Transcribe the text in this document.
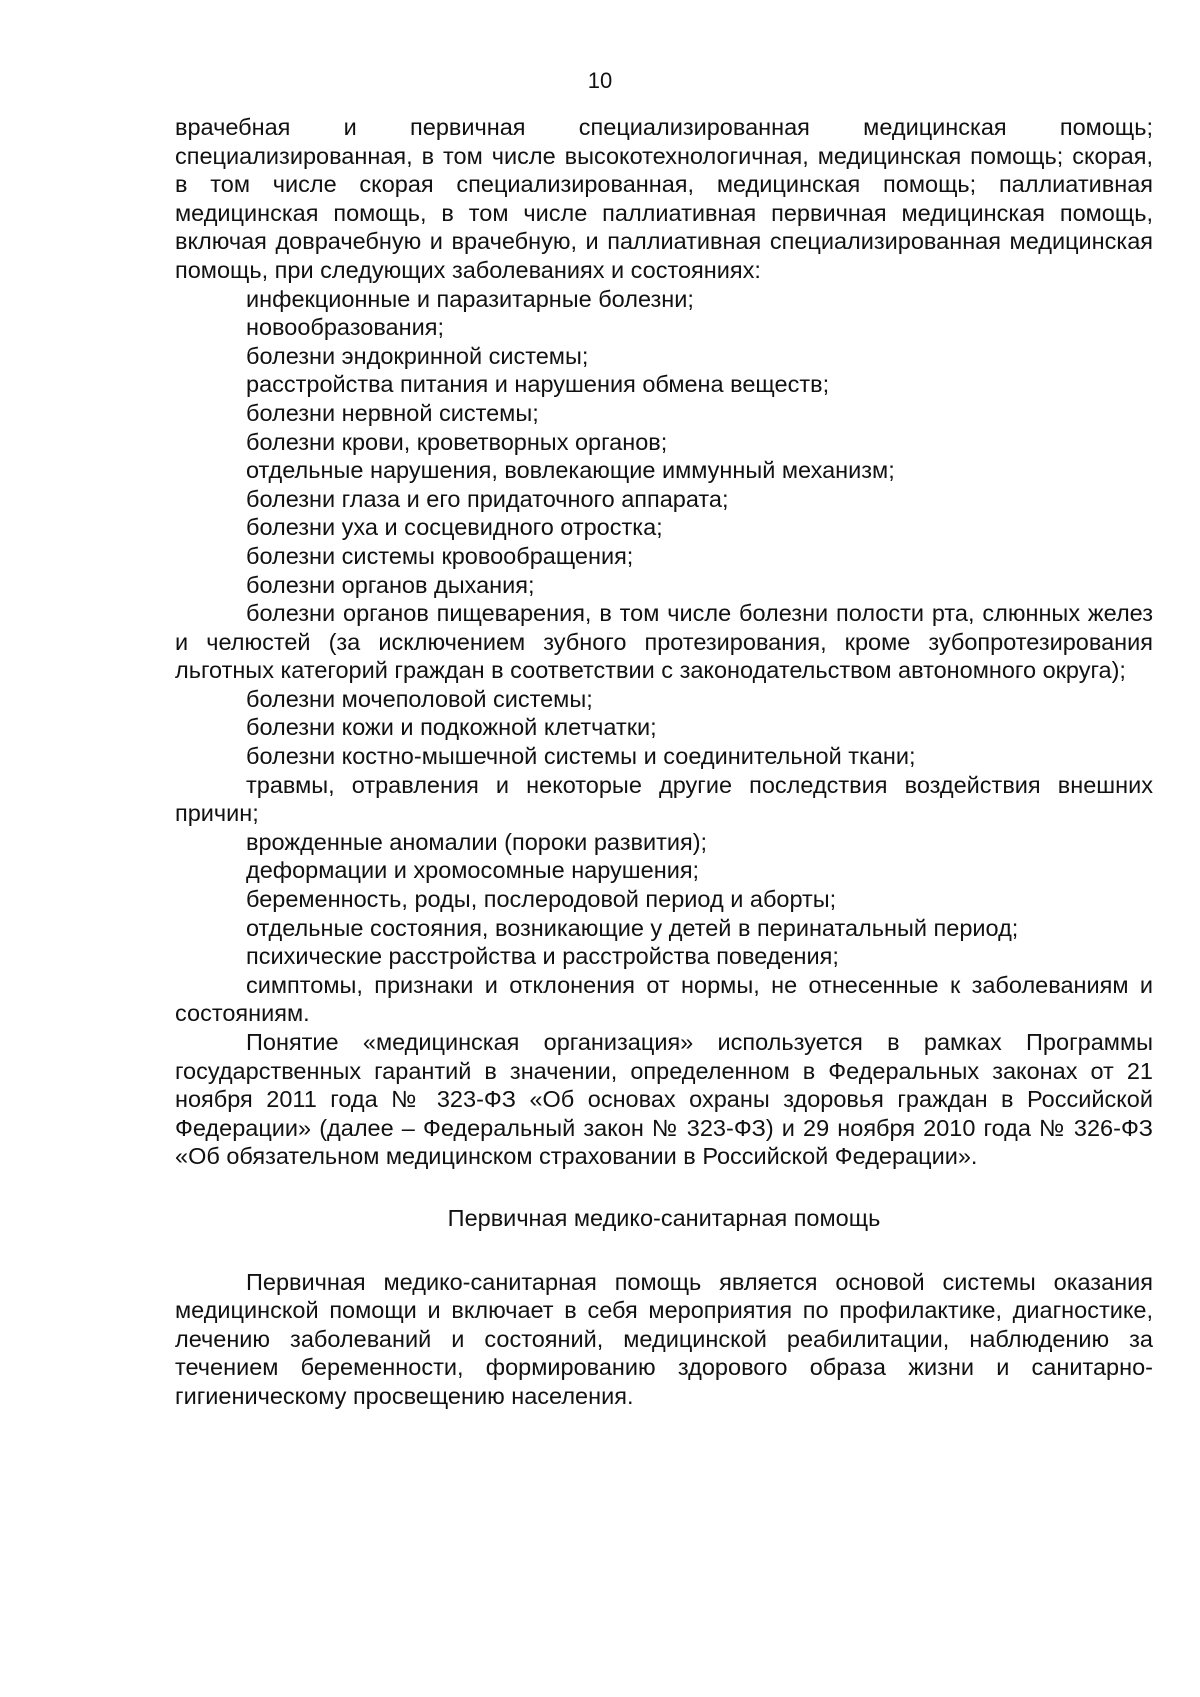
10

врачебная и первичная специализированная медицинская помощь; специализированная, в том числе высокотехнологичная, медицинская помощь; скорая, в том числе скорая специализированная, медицинская помощь; паллиативная медицинская помощь, в том числе паллиативная первичная медицинская помощь, включая доврачебную и врачебную, и паллиативная специализированная медицинская помощь, при следующих заболеваниях и состояниях:

инфекционные и паразитарные болезни;

новообразования;

болезни эндокринной системы;

расстройства питания и нарушения обмена веществ;

болезни нервной системы;

болезни крови, кроветворных органов;

отдельные нарушения, вовлекающие иммунный механизм;

болезни глаза и его придаточного аппарата;

болезни уха и сосцевидного отростка;

болезни системы кровообращения;

болезни органов дыхания;

болезни органов пищеварения, в том числе болезни полости рта, слюнных желез и челюстей (за исключением зубного протезирования, кроме зубопротезирования льготных категорий граждан в соответствии с законодательством автономного округа);

болезни мочеполовой системы;

болезни кожи и подкожной клетчатки;

болезни костно-мышечной системы и соединительной ткани;

травмы, отравления и некоторые другие последствия воздействия внешних причин;

врожденные аномалии (пороки развития);

деформации и хромосомные нарушения;

беременность, роды, послеродовой период и аборты;

отдельные состояния, возникающие у детей в перинатальный период;

психические расстройства и расстройства поведения;

симптомы, признаки и отклонения от нормы, не отнесенные к заболеваниям и состояниям.

Понятие «медицинская организация» используется в рамках Программы государственных гарантий в значении, определенном в Федеральных законах от 21 ноября 2011 года № 323-ФЗ «Об основах охраны здоровья граждан в Российской Федерации» (далее – Федеральный закон № 323-ФЗ) и 29 ноября 2010 года № 326-ФЗ «Об обязательном медицинском страховании в Российской Федерации».

Первичная медико-санитарная помощь

Первичная медико-санитарная помощь является основой системы оказания медицинской помощи и включает в себя мероприятия по профилактике, диагностике, лечению заболеваний и состояний, медицинской реабилитации, наблюдению за течением беременности, формированию здорового образа жизни и санитарно-гигиеническому просвещению населения.
